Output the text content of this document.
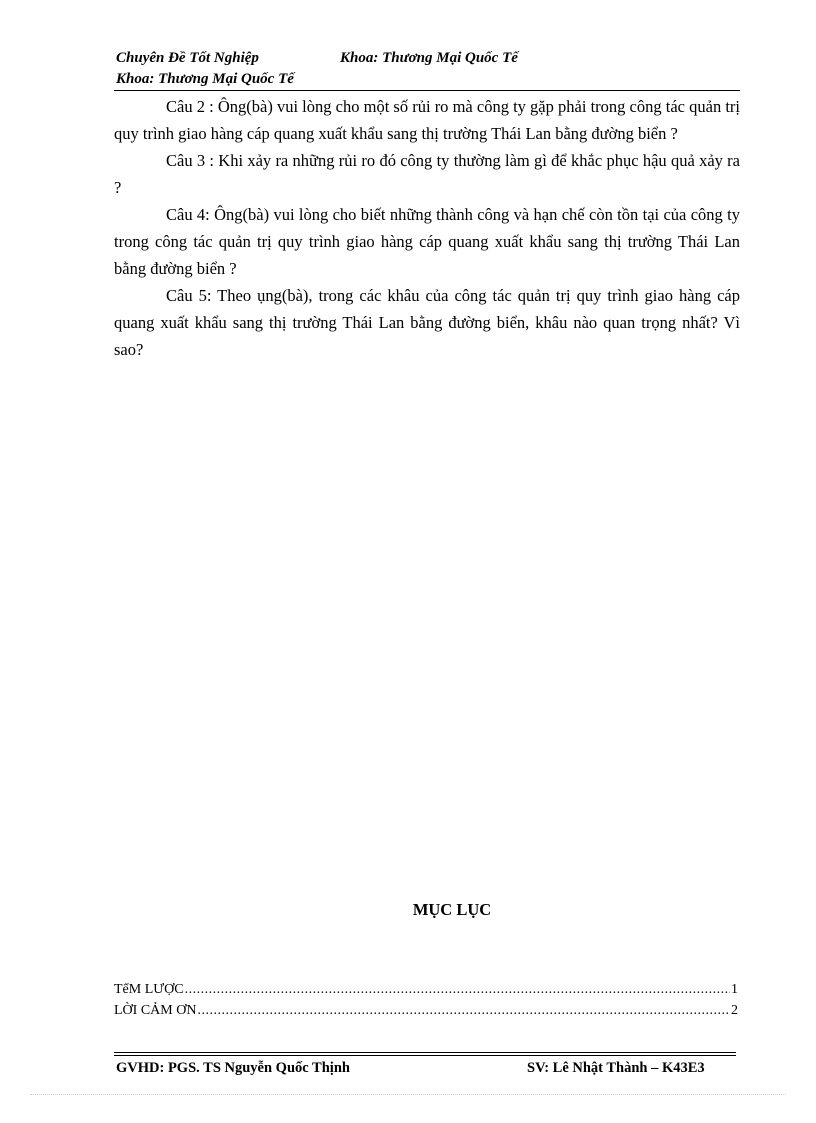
Chuyên Đề Tốt Nghiệp	Khoa: Thương Mại Quốc Tế
Khoa: Thương Mại Quốc Tế

Câu 2 : Ông(bà) vui lòng cho một số rủi ro mà công ty gặp phải trong công tác quản trị quy trình giao hàng cáp quang xuất khẩu sang thị trường Thái Lan bằng đường biển ?

Câu 3 : Khi xảy ra những rủi ro đó công ty thường làm gì để khắc phục hậu quả xảy ra ?

Câu 4: Ông(bà) vui lòng cho biết những thành công và hạn chế còn tồn tại của công ty trong công tác quản trị quy trình giao hàng cáp quang xuất khẩu sang thị trường Thái Lan bằng đường biển ?

Câu 5: Theo ụng(bà), trong các khâu của công tác quản trị quy trình giao hàng cáp quang xuất khẩu sang thị trường Thái Lan bằng đường biển, khâu nào quan trọng nhất? Vì sao?

MỤC LỤC
TểM LƯỢC .....	1
LỜI CẢM ƠN .....	2
GVHD: PGS. TS Nguyễn Quốc Thịnh	SV: Lê Nhật Thành – K43E3
